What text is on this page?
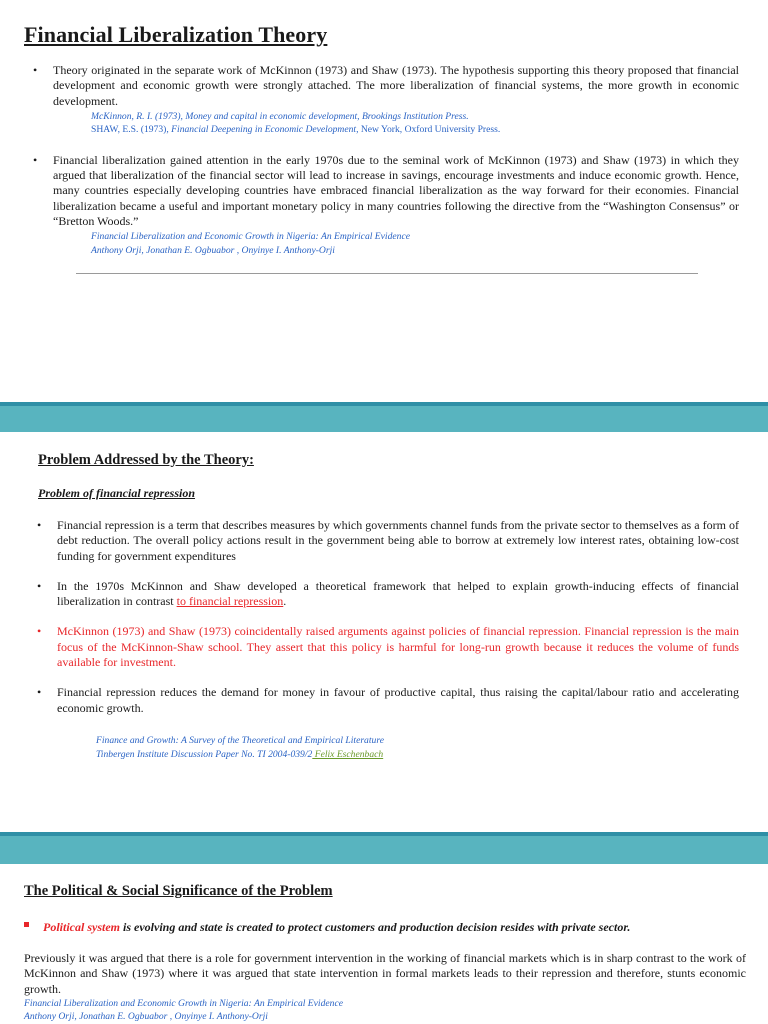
Financial Liberalization Theory
• Theory originated in the separate work of McKinnon (1973) and Shaw (1973). The hypothesis supporting this theory proposed that financial development and economic growth were strongly attached. The more liberalization of financial systems, the more growth in economic development.
McKinnon, R. I. (1973), Money and capital in economic development, Brookings Institution Press.
SHAW, E.S. (1973), Financial Deepening in Economic Development, New York, Oxford University Press.
• Financial liberalization gained attention in the early 1970s due to the seminal work of McKinnon (1973) and Shaw (1973) in which they argued that liberalization of the financial sector will lead to increase in savings, encourage investments and induce economic growth. Hence, many countries especially developing countries have embraced financial liberalization as the way forward for their economies. Financial liberalization became a useful and important monetary policy in many countries following the directive from the “Washington Consensus” or “Bretton Woods.”
Financial Liberalization and Economic Growth in Nigeria: An Empirical Evidence
Anthony Orji, Jonathan E. Ogbuabor , Onyinye I. Anthony-Orji
Problem Addressed by the Theory:
Problem of financial repression
• Financial repression is a term that describes measures by which governments channel funds from the private sector to themselves as a form of debt reduction. The overall policy actions result in the government being able to borrow at extremely low interest rates, obtaining low-cost funding for government expenditures
• In the 1970s McKinnon and Shaw developed a theoretical framework that helped to explain growth-inducing effects of financial liberalization in contrast to financial repression.
• McKinnon (1973) and Shaw (1973) coincidentally raised arguments against policies of financial repression. Financial repression is the main focus of the McKinnon-Shaw school. They assert that this policy is harmful for long-run growth because it reduces the volume of funds available for investment.
• Financial repression reduces the demand for money in favour of productive capital, thus raising the capital/labour ratio and accelerating economic growth.
Finance and Growth: A Survey of the Theoretical and Empirical Literature
Tinbergen Institute Discussion Paper No. TI 2004-039/2 Felix Eschenbach
The Political & Social Significance of the Problem
Political system is evolving and state is created to protect customers and production decision resides with private sector.
Previously it was argued that there is a role for government intervention in the working of financial markets which is in sharp contrast to the work of McKinnon and Shaw (1973) where it was argued that state intervention in formal markets leads to their repression and therefore, stunts economic growth.
Financial Liberalization and Economic Growth in Nigeria: An Empirical Evidence
Anthony Orji, Jonathan E. Ogbuabor , Onyinye I. Anthony-Orji
